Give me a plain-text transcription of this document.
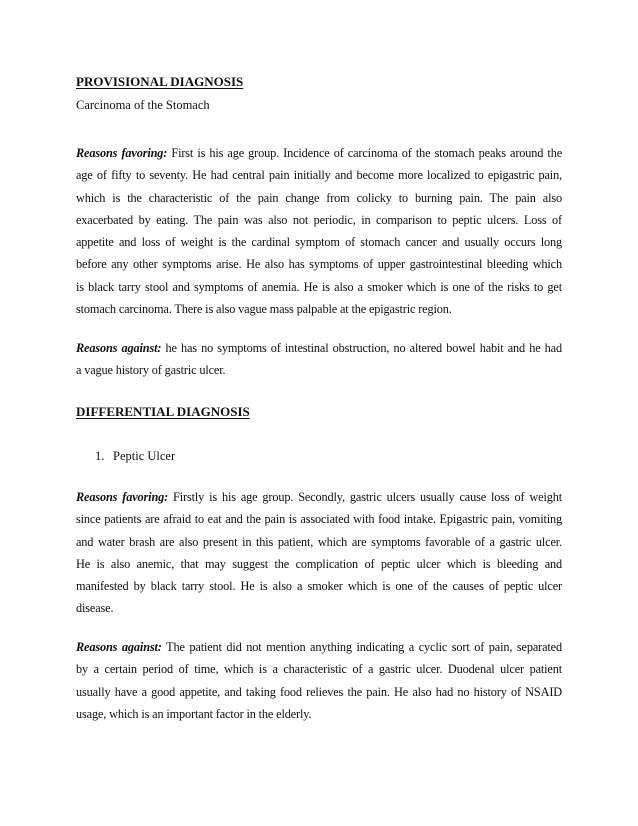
PROVISIONAL DIAGNOSIS
Carcinoma of the Stomach
Reasons favoring: First is his age group. Incidence of carcinoma of the stomach peaks around the
age of fifty to seventy. He had central pain initially and become more localized to epigastric pain,
which is the characteristic of the pain change from colicky to burning pain. The pain also
exacerbated by eating. The pain was also not periodic, in comparison to peptic ulcers. Loss of
appetite and loss of weight is the cardinal symptom of stomach cancer and usually occurs long
before any other symptoms arise. He also has symptoms of upper gastrointestinal bleeding which
is black tarry stool and symptoms of anemia. He is also a smoker which is one of the risks to get
stomach carcinoma. There is also vague mass palpable at the epigastric region.
Reasons against: he has no symptoms of intestinal obstruction, no altered bowel habit and he had
a vague history of gastric ulcer.
DIFFERENTIAL DIAGNOSIS
1. Peptic Ulcer
Reasons favoring: Firstly is his age group. Secondly, gastric ulcers usually cause loss of weight
since patients are afraid to eat and the pain is associated with food intake. Epigastric pain, vomiting
and water brash are also present in this patient, which are symptoms favorable of a gastric ulcer.
He is also anemic, that may suggest the complication of peptic ulcer which is bleeding and
manifested by black tarry stool. He is also a smoker which is one of the causes of peptic ulcer
disease.
Reasons against: The patient did not mention anything indicating a cyclic sort of pain, separated
by a certain period of time, which is a characteristic of a gastric ulcer. Duodenal ulcer patient
usually have a good appetite, and taking food relieves the pain. He also had no history of NSAID
usage, which is an important factor in the elderly.
